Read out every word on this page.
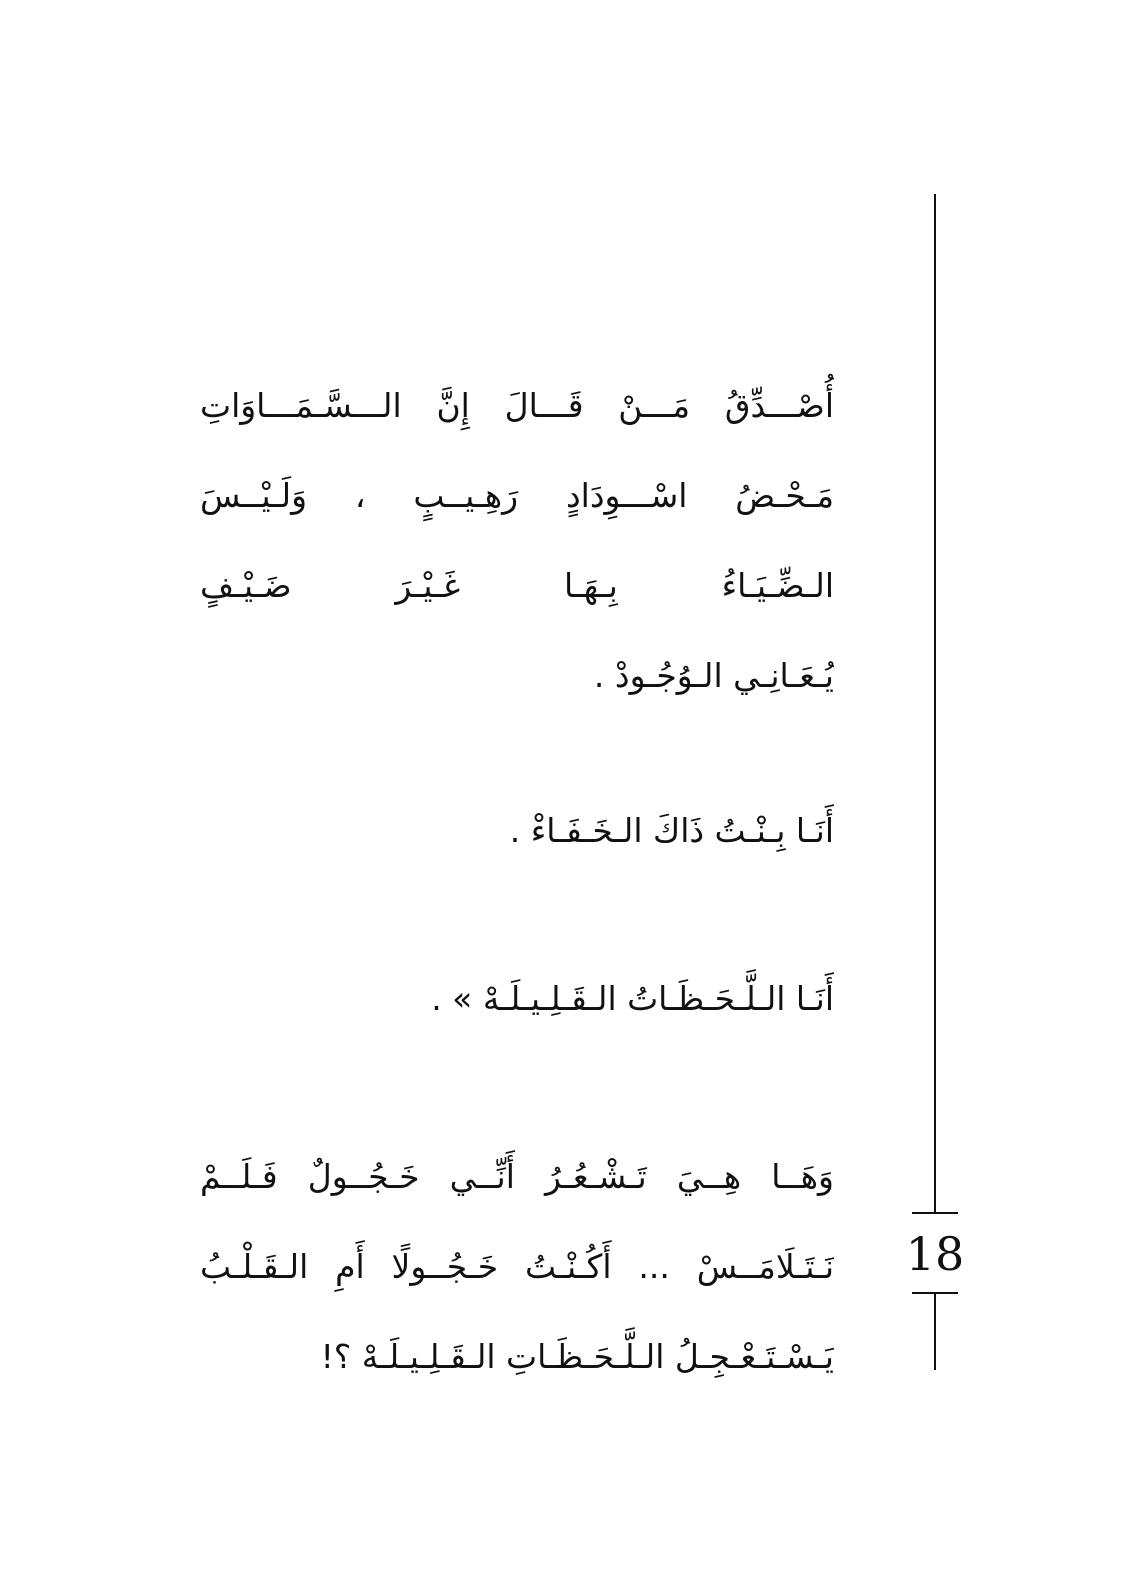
أُصْـــدِّقُ مَـــنْ قَـــالَ إِنَّ الـــسَّـمَـــاوَاتِ
مَـحْـضُ اسْـــوِدَادٍ رَهِـيــبٍ ، وَلَـيْــسَ
الـضِّـيَـاءُ بِـهَـا غَـيْـرَ ضَـيْـفٍ
يُـعَـانِـي الـوُجُـودْ .
أَنَـا بِـنْـتُ ذَاكَ الـخَـفَـاءْ .
أَنَـا الـلَّـحَـظَـاتُ الـقَـلِـيـلَـهْ » .
وَهَــا هِــيَ تَـشْـعُـرُ أَنِّــي خَـجُــولٌ فَـلَــمْ
نَـتَـلَامَــسْ ... أَكُـنْـتُ خَـجُــولًا أَمِ الـقَـلْـبُ
يَـسْـتَـعْـجِـلُ الـلَّـحَـظَـاتِ الـقَـلِـيـلَـهْ ؟!
18
